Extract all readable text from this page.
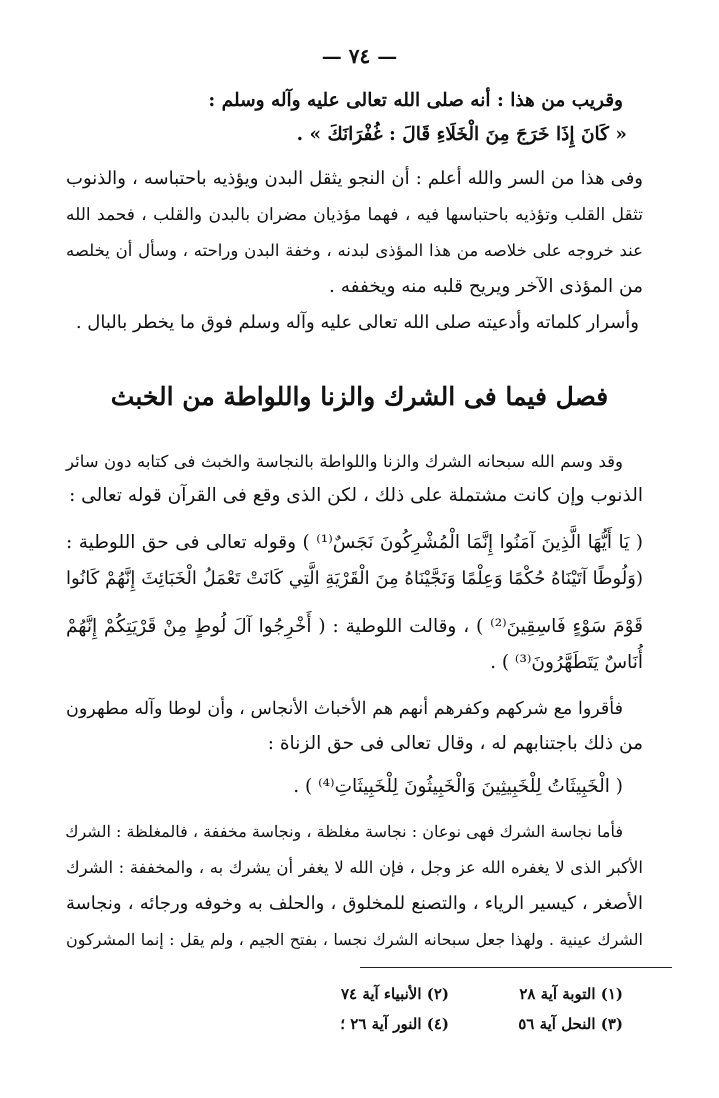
— ٧٤ —
وقريب من هذا : أنه صلى الله تعالى عليه وآله وسلم :
« كَانَ إِذَا خَرَجَ مِنَ الْخَلَاءِ قَالَ : غُفْرَانَكَ » .
وفى هذا من السر والله أعلم : أن النجو يثقل البدن ويؤذيه باحتباسه ، والذنوب
تثقل القلب وتؤذيه باحتباسها فيه ، فهما مؤذيان مضران بالبدن والقلب ، فحمد الله
عند خروجه على خلاصه من هذا المؤذى لبدنه ، وخفة البدن وراحته ، وسأل أن يخلصه
من المؤذى الآخر ويريح قلبه منه ويخففه .
وأسرار كلماته وأدعيته صلى الله تعالى عليه وآله وسلم فوق ما يخطر بالبال .
فصل فيما فى الشرك والزنا واللواطة من الخبث
وقد وسم الله سبحانه الشرك والزنا واللواطة بالنجاسة والخبث فى كتابه دون سائر
الذنوب وإن كانت مشتملة على ذلك ، لكن الذى وقع فى القرآن قوله تعالى :
( يَا أَيُّهَا الَّذِينَ آمَنُوا إِنَّمَا الْمُشْرِكُونَ نَجَسٌ⁽¹⁾ ) وقوله تعالى فى حق اللوطية :
(وَلُوطًا آتَيْنَاهُ حُكْمًا وَعِلْمًا وَنَجَّيْنَاهُ مِنَ الْقَرْيَةِ الَّتِي كَانَتْ تَعْمَلُ الْخَبَائِثَ إِنَّهُمْ كَانُوا
قَوْمَ سَوْءٍ فَاسِقِينَ⁽²⁾ ) ، وقالت اللوطية : ( أَخْرِجُوا آلَ لُوطٍ مِنْ قَرْيَتِكُمْ إِنَّهُمْ
أُنَاسٌ يَتَطَهَّرُونَ⁽³⁾ ) .
فأقروا مع شركهم وكفرهم أنهم هم الأخباث الأنجاس ، وأن لوطا وآله مطهرون
من ذلك باجتنابهم له ، وقال تعالى فى حق الزناة :
( الْخَبِيثَاتُ لِلْخَبِيثِينَ وَالْخَبِيثُونَ لِلْخَبِيثَاتِ⁽⁴⁾ ) .
فأما نجاسة الشرك فهى نوعان : نجاسة مغلظة ، ونجاسة مخففة ، فالمغلظة : الشرك
الأكبر الذى لا يغفره الله عز وجل ، فإن الله لا يغفر أن يشرك به ، والمخففة : الشرك
الأصغر ، كيسير الرياء ، والتصنع للمخلوق ، والحلف به وخوفه ورجائه ، ونجاسة
الشرك عينية . ولهذا جعل سبحانه الشرك نجسا ، بفتح الجيم ، ولم يقل : إنما المشركون
(١) التوبة آية ٢٨
(٢) الأنبياء آية ٧٤
(٣) النحل آية ٥٦
(٤) النور آية ٢٦ ؛
